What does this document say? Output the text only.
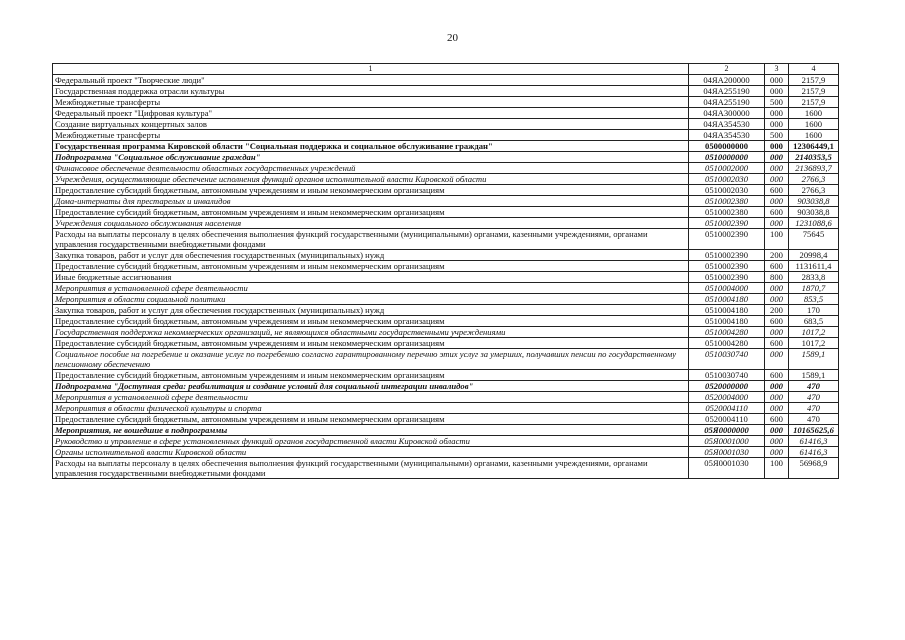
20
1	2	3	4
Федеральный проект "Творческие люди"	04ЯА200000	000	2157,9
Государственная поддержка отрасли культуры	04ЯА255190	000	2157,9
Межбюджетные трансферты	04ЯА255190	500	2157,9
Федеральный проект "Цифровая культура"	04ЯА300000	000	1600
Создание виртуальных концертных залов	04ЯА354530	000	1600
Межбюджетные трансферты	04ЯА354530	500	1600
Государственная программа Кировской области "Социальная поддержка и социальное обслуживание граждан"	0500000000	000	12306449,1
Подпрограмма "Социальное обслуживание граждан"	0510000000	000	2140353,5
Финансовое обеспечение деятельности областных государственных учреждений	0510002000	000	2136893,7
Учреждения, осуществляющие обеспечение исполнения функций органов исполнительной власти Кировской области	0510002030	000	2766,3
Предоставление субсидий бюджетным, автономным учреждениям и иным некоммерческим организациям	0510002030	600	2766,3
Дома-интернаты для престарелых и инвалидов	0510002380	000	903038,8
Предоставление субсидий бюджетным, автономным учреждениям и иным некоммерческим организациям	0510002380	600	903038,8
Учреждения социального обслуживания населения	0510002390	000	1231088,6
Расходы на выплаты персоналу в целях обеспечения выполнения функций государственными (муниципальными) органами, казенными учреждениями, органами управления государственными внебюджетными фондами	0510002390	100	75645
Закупка товаров, работ и услуг для обеспечения государственных (муниципальных) нужд	0510002390	200	20998,4
Предоставление субсидий бюджетным, автономным учреждениям и иным некоммерческим организациям	0510002390	600	1131611,4
Иные бюджетные ассигнования	0510002390	800	2833,8
Мероприятия в установленной сфере деятельности	0510004000	000	1870,7
Мероприятия в области социальной политики	0510004180	000	853,5
Закупка товаров, работ и услуг для обеспечения государственных (муниципальных) нужд	0510004180	200	170
Предоставление субсидий бюджетным, автономным учреждениям и иным некоммерческим организациям	0510004180	600	683,5
Государственная поддержка некоммерческих организаций, не являющихся областными государственными учреждениями	0510004280	000	1017,2
Предоставление субсидий бюджетным, автономным учреждениям и иным некоммерческим организациям	0510004280	600	1017,2
Социальное пособие на погребение и оказание услуг по погребению согласно гарантированному перечню этих услуг за умерших, получавших пенсии по государственному пенсионному обеспечению	0510030740	000	1589,1
Предоставление субсидий бюджетным, автономным учреждениям и иным некоммерческим организациям	0510030740	600	1589,1
Подпрограмма "Доступная среда: реабилитация и создание условий для социальной интеграции инвалидов"	0520000000	000	470
Мероприятия в установленной сфере деятельности	0520004000	000	470
Мероприятия в области физической культуры и спорта	0520004110	000	470
Предоставление субсидий бюджетным, автономным учреждениям и иным некоммерческим организациям	0520004110	600	470
Мероприятия, не вошедшие в подпрограммы	05Я0000000	000	10165625,6
Руководство и управление в сфере установленных функций органов государственной власти Кировской области	05Я0001000	000	61416,3
Органы исполнительной власти Кировской области	05Я0001030	000	61416,3
Расходы на выплаты персоналу в целях обеспечения выполнения функций государственными (муниципальными) органами, казенными учреждениями, органами управления государственными внебюджетными фондами	05Я0001030	100	56968,9
